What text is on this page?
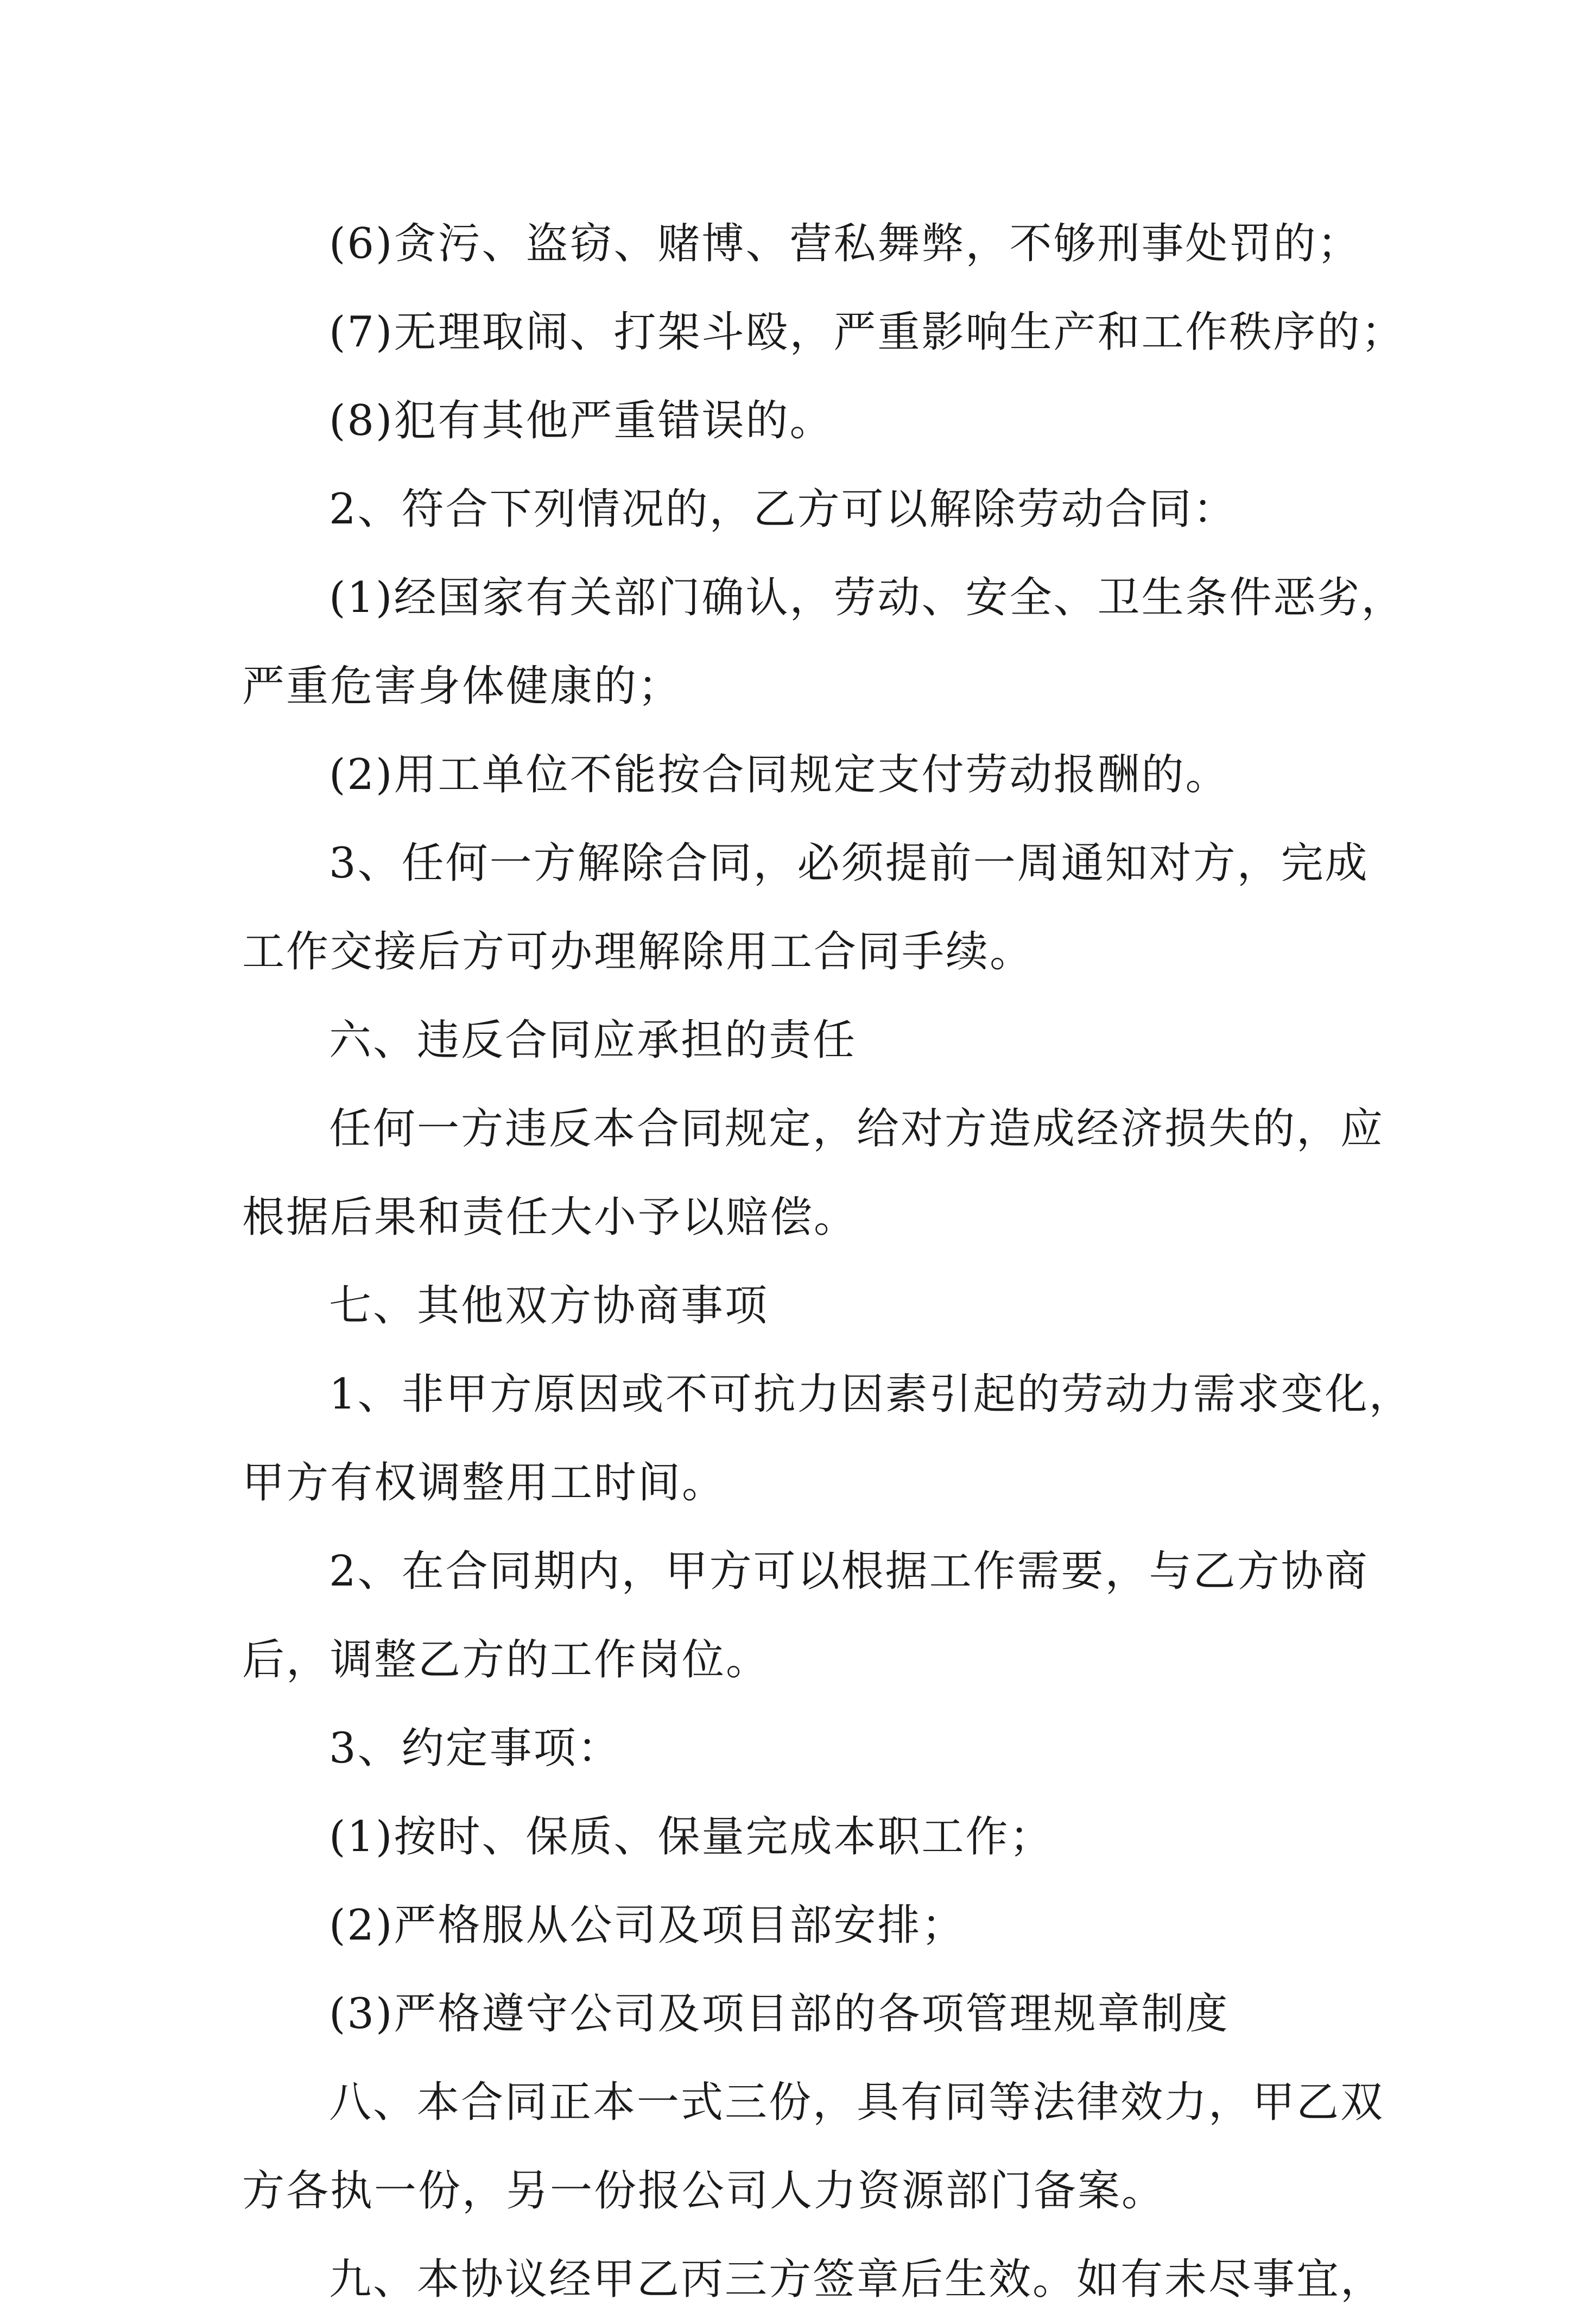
(6)贪污、盗窃、赌博、营私舞弊，不够刑事处罚的；
(7)无理取闹、打架斗殴，严重影响生产和工作秩序的；
(8)犯有其他严重错误的。
2、符合下列情况的，乙方可以解除劳动合同：
(1)经国家有关部门确认，劳动、安全、卫生条件恶劣，
严重危害身体健康的；
(2)用工单位不能按合同规定支付劳动报酬的。
3、任何一方解除合同，必须提前一周通知对方，完成
工作交接后方可办理解除用工合同手续。
六、违反合同应承担的责任
任何一方违反本合同规定，给对方造成经济损失的，应
根据后果和责任大小予以赔偿。
七、其他双方协商事项
1、非甲方原因或不可抗力因素引起的劳动力需求变化，
甲方有权调整用工时间。
2、在合同期内，甲方可以根据工作需要，与乙方协商
后，调整乙方的工作岗位。
3、约定事项：
(1)按时、保质、保量完成本职工作；
(2)严格服从公司及项目部安排；
(3)严格遵守公司及项目部的各项管理规章制度
八、本合同正本一式三份，具有同等法律效力，甲乙双
方各执一份，另一份报公司人力资源部门备案。
九、本协议经甲乙丙三方签章后生效。如有未尽事宜，
